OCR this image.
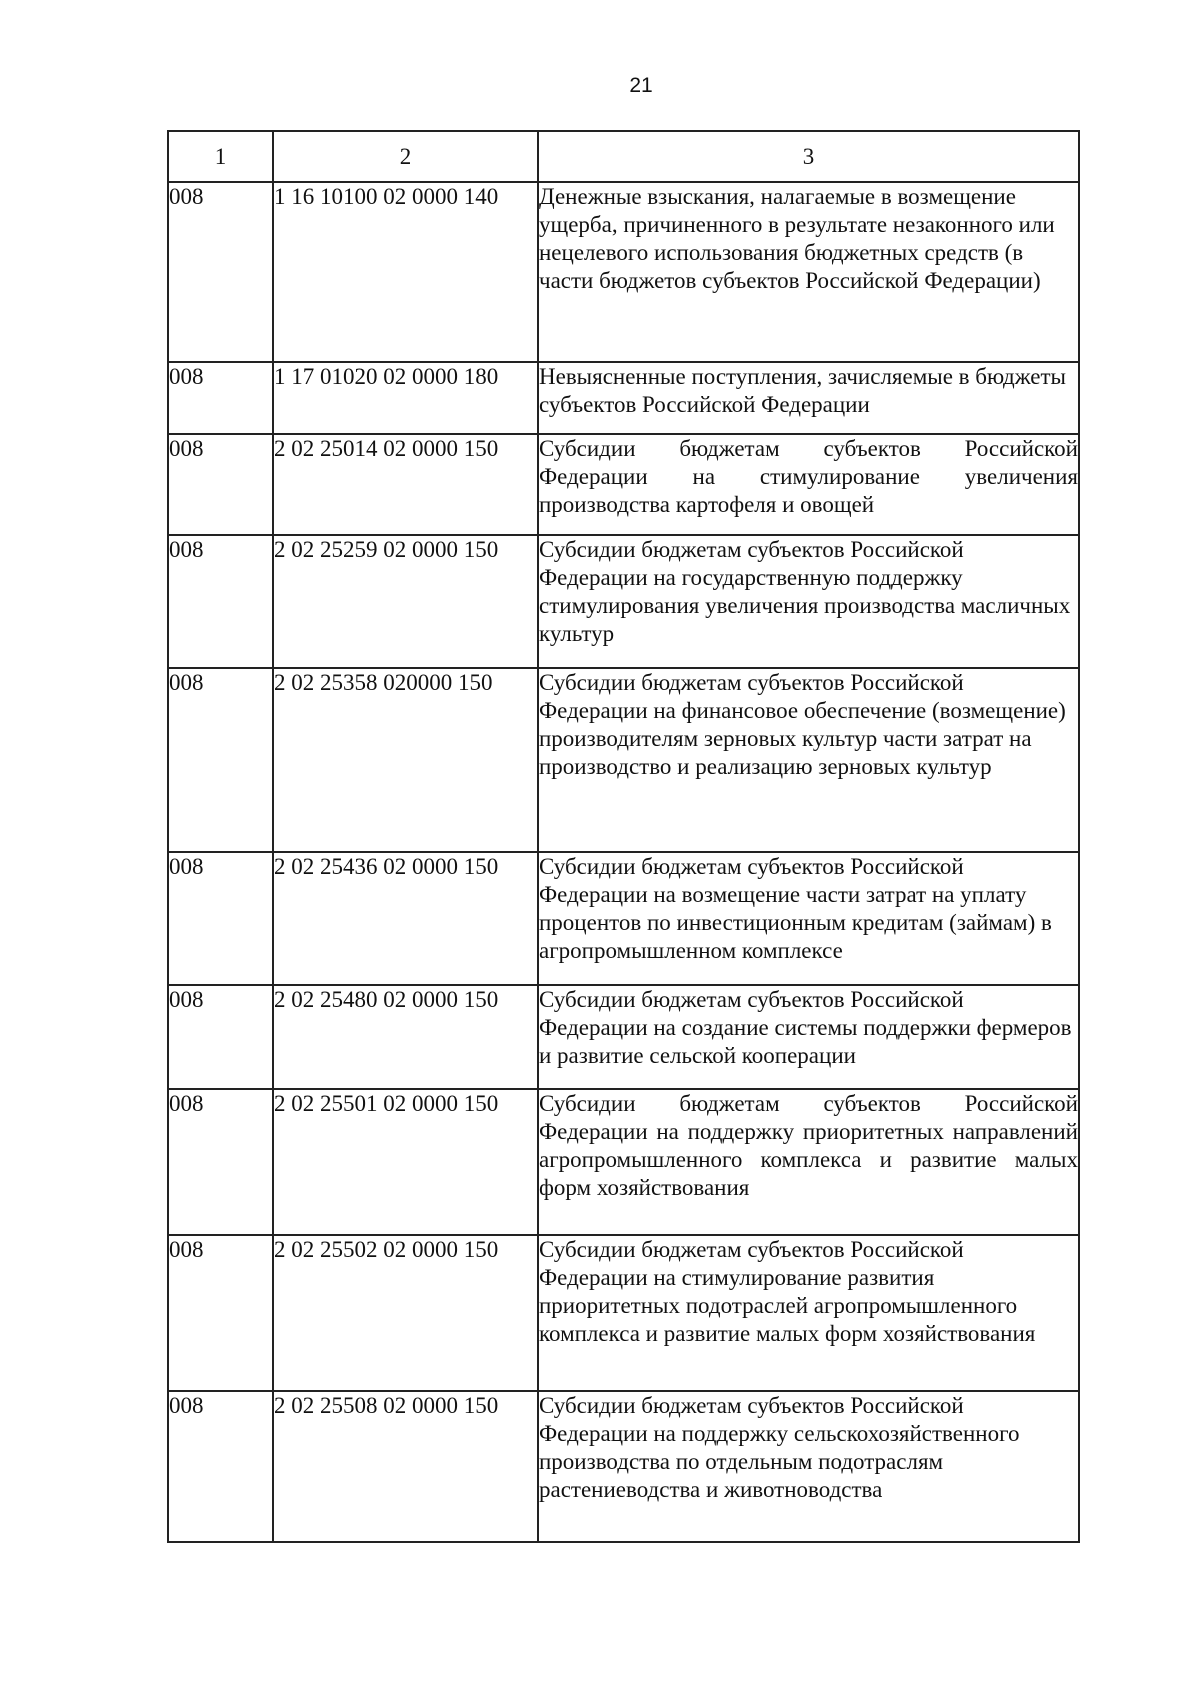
21
1	2	3
008	1 16 10100 02 0000 140	Денежные взыскания, налагаемые в возмещение ущерба, причиненного в результате незаконного или нецелевого использования бюджетных средств (в части бюджетов субъектов Российской Федерации)
008	1 17 01020 02 0000 180	Невыясненные поступления, зачисляемые в бюджеты субъектов Российской Федерации
008	2 02 25014 02 0000 150	Субсидии бюджетам субъектов Российской Федерации на стимулирование увеличения производства картофеля и овощей
008	2 02 25259 02 0000 150	Субсидии бюджетам субъектов Российской Федерации на государственную поддержку стимулирования увеличения производства масличных культур
008	2 02 25358 020000 150	Субсидии бюджетам субъектов Российской Федерации на финансовое обеспечение (возмещение) производителям зерновых культур части затрат на производство и реализацию зерновых культур
008	2 02 25436 02 0000 150	Субсидии бюджетам субъектов Российской Федерации на возмещение части затрат на уплату процентов по инвестиционным кредитам (займам) в агропромышленном комплексе
008	2 02 25480 02 0000 150	Субсидии бюджетам субъектов Российской Федерации на создание системы поддержки фермеров и развитие сельской кооперации
008	2 02 25501 02 0000 150	Субсидии бюджетам субъектов Российской Федерации на поддержку приоритетных направлений агропромышленного комплекса и развитие малых форм хозяйствования
008	2 02 25502 02 0000 150	Субсидии бюджетам субъектов Российской Федерации на стимулирование развития приоритетных подотраслей агропромышленного комплекса и развитие малых форм хозяйствования
008	2 02 25508 02 0000 150	Субсидии бюджетам субъектов Российской Федерации на поддержку сельскохозяйственного производства по отдельным подотраслям растениеводства и животноводства
